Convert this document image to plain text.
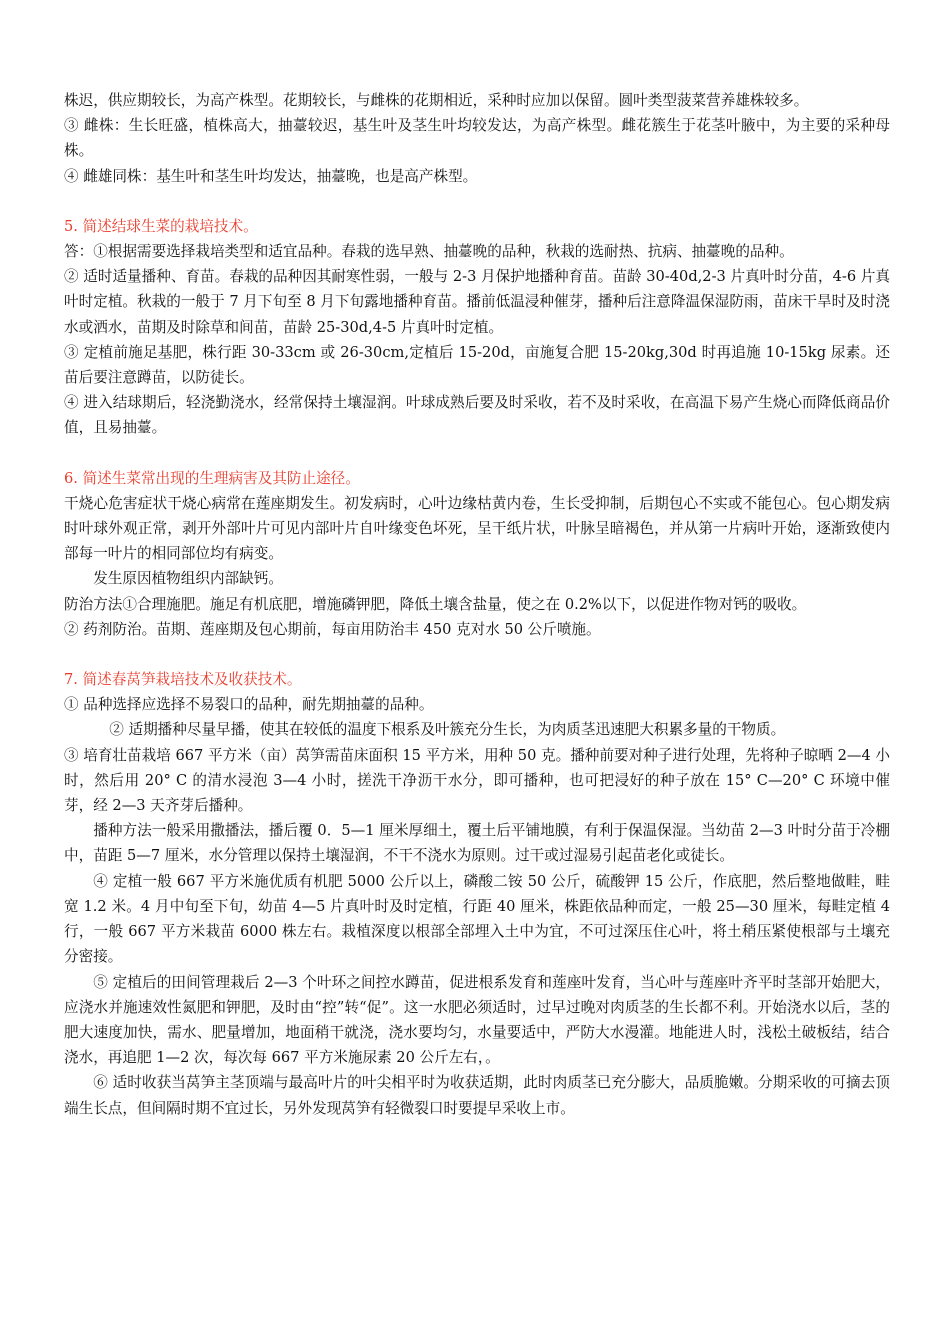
株迟，供应期较长，为高产株型。花期较长，与雌株的花期相近，采种时应加以保留。圆叶类型菠菜营养雄株较多。

③ 雌株：生长旺盛，植株高大，抽薹较迟，基生叶及茎生叶均较发达，为高产株型。雌花簇生于花茎叶腋中，为主要的采种母株。

④ 雌雄同株：基生叶和茎生叶均发达，抽薹晚，也是高产株型。

5. 简述结球生菜的栽培技术。

答：①根据需要选择栽培类型和适宜品种。春栽的选早熟、抽薹晚的品种，秋栽的选耐热、抗病、抽薹晚的品种。

② 适时适量播种、育苗。春栽的品种因其耐寒性弱，一般与 2-3 月保护地播种育苗。苗龄 30-40d,2-3 片真叶时分苗，4-6 片真叶时定植。秋栽的一般于 7 月下旬至 8 月下旬露地播种育苗。播前低温浸种催芽，播种后注意降温保湿防雨，苗床干旱时及时浇水或洒水，苗期及时除草和间苗，苗龄 25-30d,4-5 片真叶时定植。

③ 定植前施足基肥，株行距 30-33cm 或 26-30cm,定植后 15-20d，亩施复合肥 15-20kg,30d 时再追施 10-15kg 尿素。还苗后要注意蹲苗，以防徒长。

④ 进入结球期后，轻浇勤浇水，经常保持土壤湿润。叶球成熟后要及时采收，若不及时采收，在高温下易产生烧心而降低商品价值，且易抽薹。

6. 简述生菜常出现的生理病害及其防止途径。

干烧心危害症状干烧心病常在莲座期发生。初发病时，心叶边缘枯黄内卷，生长受抑制，后期包心不实或不能包心。包心期发病时叶球外观正常，剥开外部叶片可见内部叶片自叶缘变色坏死，呈干纸片状，叶脉呈暗褐色，并从第一片病叶开始，逐渐致使内部每一叶片的相同部位均有病变。

发生原因植物组织内部缺钙。

防治方法①合理施肥。施足有机底肥，增施磷钾肥，降低土壤含盐量，使之在 0.2%以下，以促进作物对钙的吸收。

② 药剂防治。苗期、莲座期及包心期前，每亩用防治丰 450 克对水 50 公斤喷施。

7. 简述春莴笋栽培技术及收获技术。

① 品种选择应选择不易裂口的品种，耐先期抽薹的品种。

② 适期播种尽量早播，使其在较低的温度下根系及叶簇充分生长，为肉质茎迅速肥大积累多量的干物质。

③ 培育壮苗栽培 667 平方米（亩）莴笋需苗床面积 15 平方米，用种 50 克。播种前要对种子进行处理，先将种子晾晒 2—4 小时，然后用 20° C 的清水浸泡 3—4 小时，搓洗干净沥干水分，即可播种，也可把浸好的种子放在 15° C—20° C 环境中催芽，经 2—3 天齐芽后播种。

播种方法一般采用撒播法，播后覆 0．5—1 厘米厚细土，覆土后平铺地膜，有利于保温保湿。当幼苗 2—3 叶时分苗于冷棚中，苗距 5—7 厘米，水分管理以保持土壤湿润，不干不浇水为原则。过干或过湿易引起苗老化或徒长。

④ 定植一般 667 平方米施优质有机肥 5000 公斤以上，磷酸二铵 50 公斤，硫酸钾 15 公斤，作底肥，然后整地做畦，畦宽 1.2 米。4 月中旬至下旬，幼苗 4—5 片真叶时及时定植，行距 40 厘米，株距依品种而定，一般 25—30 厘米，每畦定植 4 行，一般 667 平方米栽苗 6000 株左右。栽植深度以根部全部埋入土中为宜，不可过深压住心叶，将土稍压紧使根部与土壤充分密接。

⑤ 定植后的田间管理栽后 2—3 个叶环之间控水蹲苗，促进根系发育和莲座叶发育，当心叶与莲座叶齐平时茎部开始肥大，应浇水并施速效性氮肥和钾肥，及时由“控”转“促”。这一水肥必须适时，过早过晚对肉质茎的生长都不利。开始浇水以后，茎的肥大速度加快，需水、肥量增加，地面稍干就浇，浇水要均匀，水量要适中，严防大水漫灌。地能进人时，浅松土破板结，结合浇水，再追肥 1—2 次，每次每 667 平方米施尿素 20 公斤左右，。

⑥ 适时收获当莴笋主茎顶端与最高叶片的叶尖相平时为收获适期，此时肉质茎已充分膨大，品质脆嫩。分期采收的可摘去顶端生长点，但间隔时期不宜过长，另外发现莴笋有轻微裂口时要提早采收上市。
